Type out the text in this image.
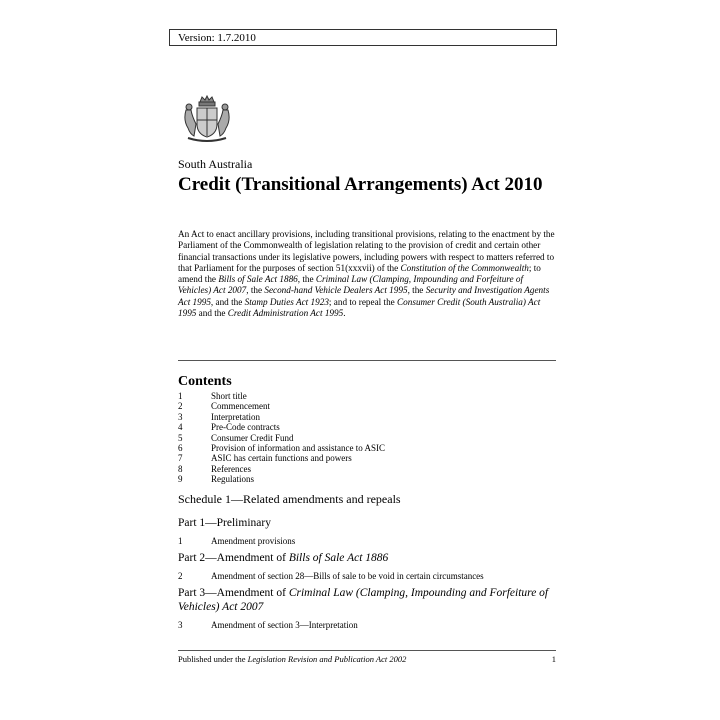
Version: 1.7.2010
South Australia
Credit (Transitional Arrangements) Act 2010
An Act to enact ancillary provisions, including transitional provisions, relating to the enactment by the Parliament of the Commonwealth of legislation relating to the provision of credit and certain other financial transactions under its legislative powers, including powers with respect to matters referred to that Parliament for the purposes of section 51(xxxvii) of the Constitution of the Commonwealth; to amend the Bills of Sale Act 1886, the Criminal Law (Clamping, Impounding and Forfeiture of Vehicles) Act 2007, the Second-hand Vehicle Dealers Act 1995, the Security and Investigation Agents Act 1995, and the Stamp Duties Act 1923; and to repeal the Consumer Credit (South Australia) Act 1995 and the Credit Administration Act 1995.
Contents
1	Short title
2	Commencement
3	Interpretation
4	Pre-Code contracts
5	Consumer Credit Fund
6	Provision of information and assistance to ASIC
7	ASIC has certain functions and powers
8	References
9	Regulations
Schedule 1—Related amendments and repeals
Part 1—Preliminary
1	Amendment provisions
Part 2—Amendment of Bills of Sale Act 1886
2	Amendment of section 28—Bills of sale to be void in certain circumstances
Part 3—Amendment of Criminal Law (Clamping, Impounding and Forfeiture of Vehicles) Act 2007
3	Amendment of section 3—Interpretation
Published under the Legislation Revision and Publication Act 2002	1
